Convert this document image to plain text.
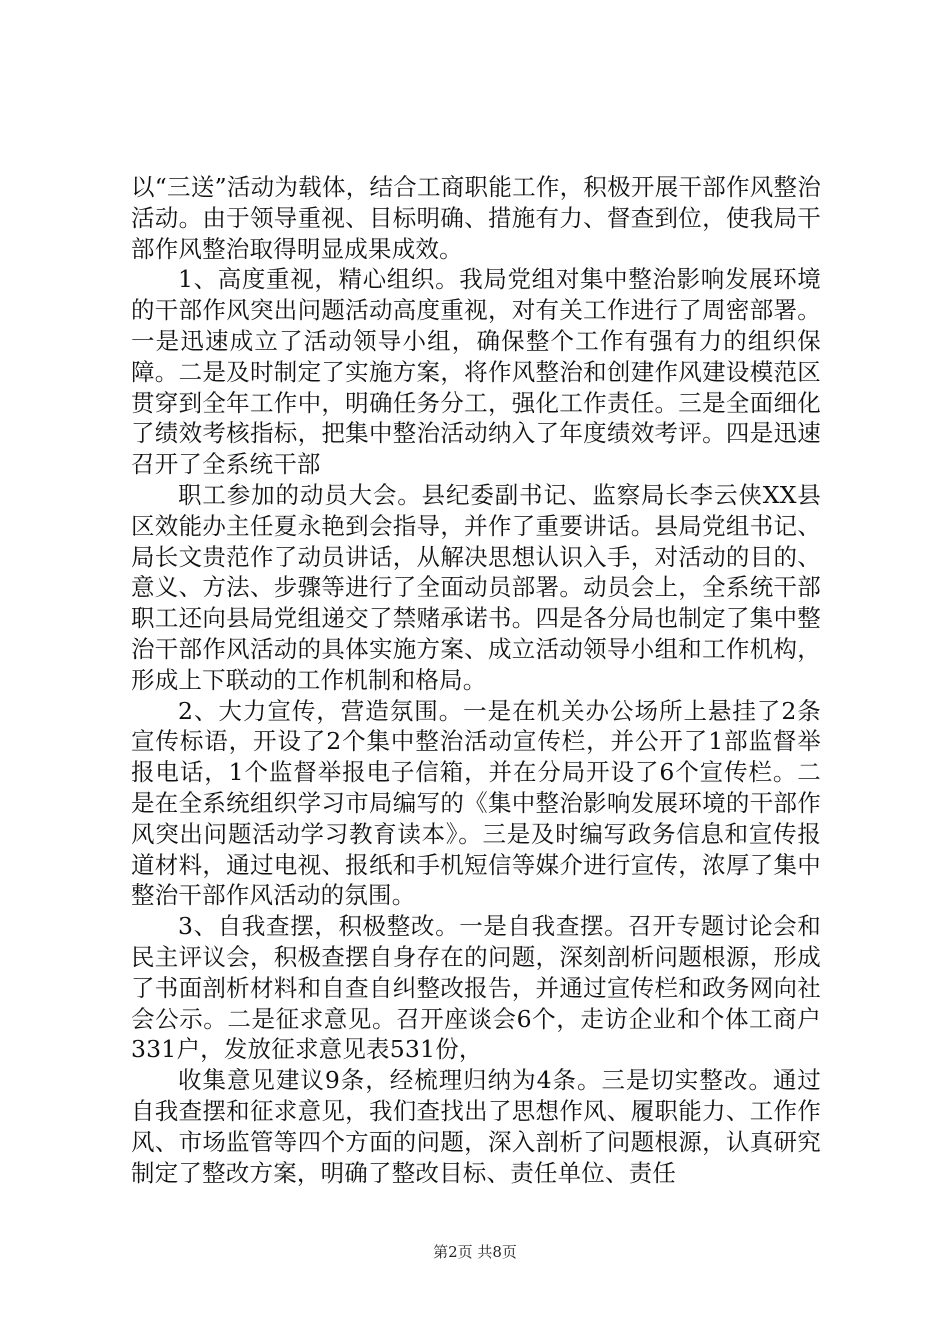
以“三送”活动为载体，结合工商职能工作，积极开展干部作风整治活动。由于领导重视、目标明确、措施有力、督查到位，使我局干部作风整治取得明显成果成效。

1、高度重视，精心组织。我局党组对集中整治影响发展环境的干部作风突出问题活动高度重视，对有关工作进行了周密部署。一是迅速成立了活动领导小组，确保整个工作有强有力的组织保障。二是及时制定了实施方案，将作风整治和创建作风建设模范区贯穿到全年工作中，明确任务分工，强化工作责任。三是全面细化了绩效考核指标，把集中整治活动纳入了年度绩效考评。四是迅速召开了全系统干部

职工参加的动员大会。县纪委副书记、监察局长李云侠XX县区效能办主任夏永艳到会指导，并作了重要讲话。县局党组书记、局长文贵范作了动员讲话，从解决思想认识入手，对活动的目的、意义、方法、步骤等进行了全面动员部署。动员会上，全系统干部职工还向县局党组递交了禁赌承诺书。四是各分局也制定了集中整治干部作风活动的具体实施方案、成立活动领导小组和工作机构，形成上下联动的工作机制和格局。

2、大力宣传，营造氛围。一是在机关办公场所上悬挂了2条宣传标语，开设了2个集中整治活动宣传栏，并公开了1部监督举报电话，1个监督举报电子信箱，并在分局开设了6个宣传栏。二是在全系统组织学习市局编写的《集中整治影响发展环境的干部作风突出问题活动学习教育读本》。三是及时编写政务信息和宣传报道材料，通过电视、报纸和手机短信等媒介进行宣传，浓厚了集中整治干部作风活动的氛围。

3、自我查摆，积极整改。一是自我查摆。召开专题讨论会和民主评议会，积极查摆自身存在的问题，深刻剖析问题根源，形成了书面剖析材料和自查自纠整改报告，并通过宣传栏和政务网向社会公示。二是征求意见。召开座谈会6个，走访企业和个体工商户331户，发放征求意见表531份，

收集意见建议9条，经梳理归纳为4条。三是切实整改。通过自我查摆和征求意见，我们查找出了思想作风、履职能力、工作作风、市场监管等四个方面的问题，深入剖析了问题根源，认真研究制定了整改方案，明确了整改目标、责任单位、责任

第2页 共8页
